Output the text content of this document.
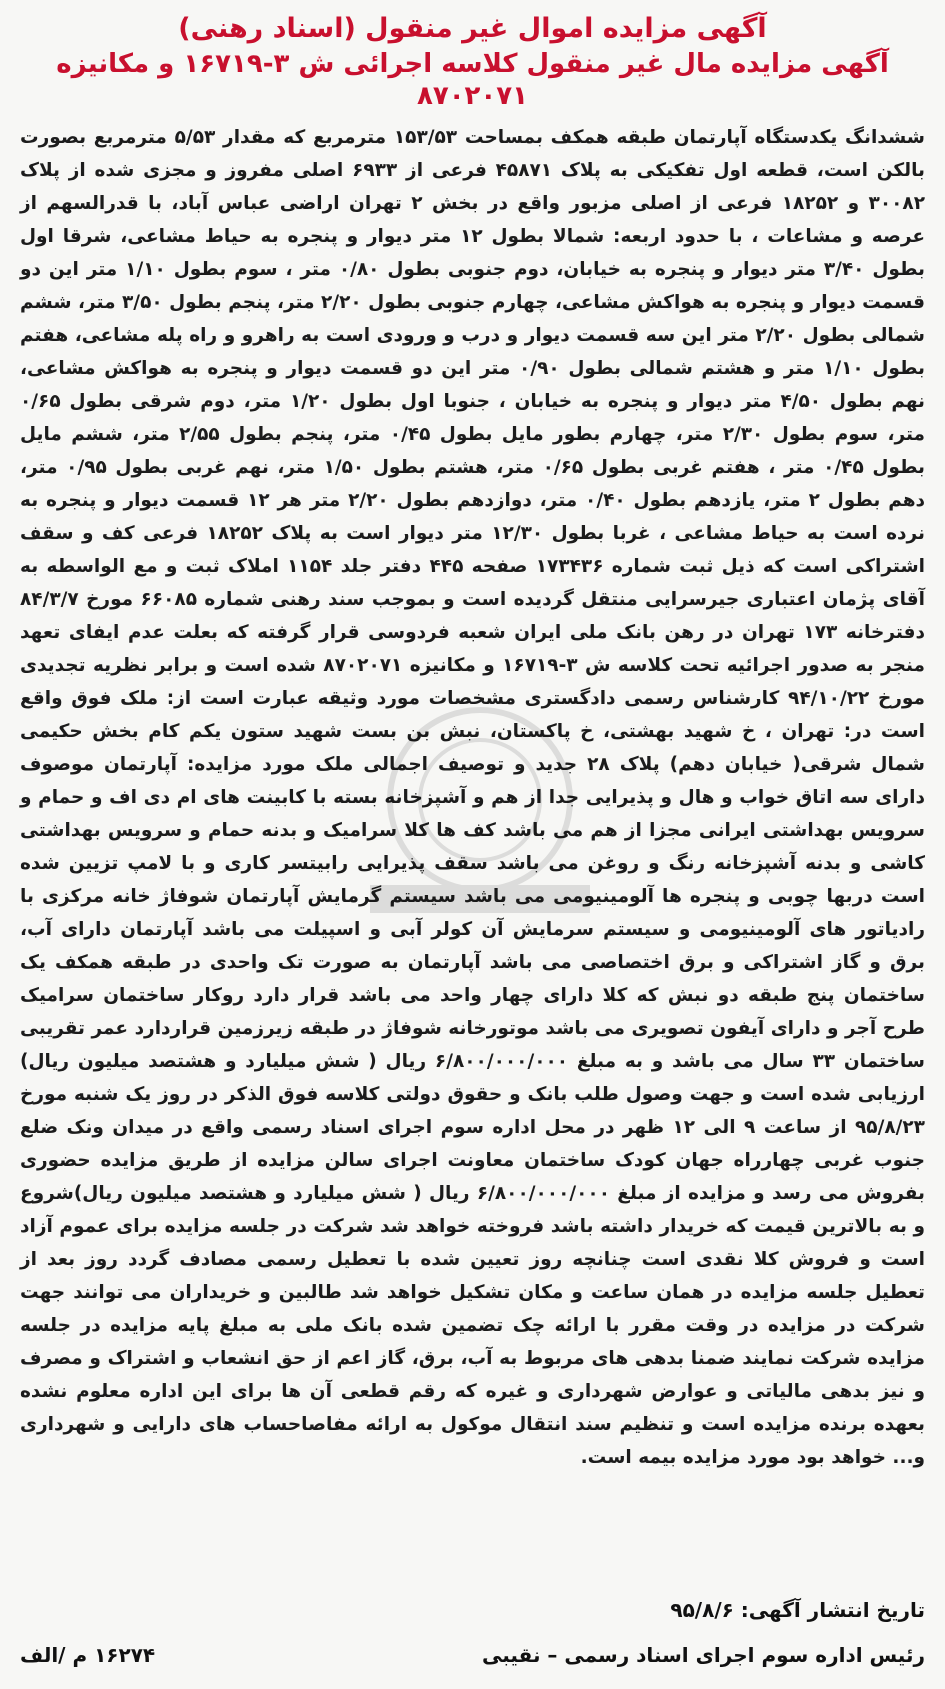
آگهی مزایده اموال غیر منقول (اسناد رهنی)
آگهی مزایده مال غیر منقول کلاسه اجرائی ش ۳-۱۶۷۱۹ و مکانیزه ۸۷۰۲۰۷۱

ششدانگ یکدستگاه آپارتمان طبقه همکف بمساحت ۱۵۳/۵۳ مترمربع که مقدار ۵/۵۳ مترمربع بصورت بالکن است، قطعه اول تفکیکی به پلاک ۴۵۸۷۱ فرعی از ۶۹۳۳ اصلی مفروز و مجزی شده از پلاک ۳۰۰۸۲ و ۱۸۲۵۲ فرعی از اصلی مزبور واقع در بخش ۲ تهران اراضی عباس آباد، با قدرالسهم از عرصه و مشاعات ، با حدود اربعه: شمالا بطول ۱۲ متر دیوار و پنجره به حیاط مشاعی، شرقا اول بطول ۳/۴۰ متر دیوار و پنجره به خیابان، دوم جنوبی بطول ۰/۸۰ متر ، سوم بطول ۱/۱۰ متر این دو قسمت دیوار و پنجره به هواکش مشاعی، چهارم جنوبی بطول ۲/۲۰ متر، پنجم بطول ۳/۵۰ متر، ششم شمالی بطول ۲/۲۰ متر این سه قسمت دیوار و درب و ورودی است به راهرو و راه پله مشاعی، هفتم بطول ۱/۱۰ متر و هشتم شمالی بطول ۰/۹۰ متر این دو قسمت دیوار و پنجره به هواکش مشاعی، نهم بطول ۴/۵۰ متر دیوار و پنجره به خیابان ، جنوبا اول بطول ۱/۲۰ متر، دوم شرقی بطول ۰/۶۵ متر، سوم بطول ۲/۳۰ متر، چهارم بطور مایل بطول ۰/۴۵ متر، پنجم بطول ۲/۵۵ متر، ششم مایل بطول ۰/۴۵ متر ، هفتم غربی بطول ۰/۶۵ متر، هشتم بطول ۱/۵۰ متر، نهم غربی بطول ۰/۹۵ متر، دهم بطول ۲ متر، یازدهم بطول ۰/۴۰ متر، دوازدهم بطول ۲/۲۰ متر هر ۱۲ قسمت دیوار و پنجره به نرده است به حیاط مشاعی ، غربا بطول ۱۲/۳۰ متر دیوار است به پلاک ۱۸۲۵۲ فرعی کف و سقف اشتراکی است که ذیل ثبت شماره ۱۷۳۴۳۶ صفحه ۴۴۵ دفتر جلد ۱۱۵۴ املاک ثبت و مع الواسطه به آقای پژمان اعتباری جیرسرایی منتقل گردیده است و بموجب سند رهنی شماره ۶۶۰۸۵ مورخ ۸۴/۳/۷ دفترخانه ۱۷۳ تهران در رهن بانک ملی ایران شعبه فردوسی قرار گرفته که بعلت عدم ایفای تعهد منجر به صدور اجرائیه تحت کلاسه ش ۳-۱۶۷۱۹ و مکانیزه ۸۷۰۲۰۷۱ شده است و برابر نظریه تجدیدی مورخ ۹۴/۱۰/۲۲ کارشناس رسمی دادگستری مشخصات مورد وثیقه عبارت است از: ملک فوق واقع است در: تهران ، خ شهید بهشتی، خ پاکستان، نبش بن بست شهید ستون یکم کام بخش حکیمی شمال شرقی( خیابان دهم) پلاک ۲۸ جدید و توصیف اجمالی ملک مورد مزایده: آپارتمان موصوف دارای سه اتاق خواب و هال و پذیرایی جدا از هم و آشپزخانه بسته با کابینت های ام دی اف و حمام و سرویس بهداشتی ایرانی مجزا از هم می باشد کف ها کلا سرامیک و بدنه حمام و سرویس بهداشتی کاشی و بدنه آشپزخانه رنگ و روغن می باشد سقف پذیرایی رابیتسر کاری و با لامپ تزیین شده است دربها چوبی و پنجره ها آلومینیومی می باشد سیستم گرمایش آپارتمان شوفاژ خانه مرکزی با رادیاتور های آلومینیومی و سیستم سرمایش آن کولر آبی و اسپیلت می باشد آپارتمان دارای آب، برق و گاز اشتراکی و برق اختصاصی می باشد آپارتمان به صورت تک واحدی در طبقه همکف یک ساختمان پنج طبقه دو نبش که کلا دارای چهار واحد می باشد قرار دارد روکار ساختمان سرامیک طرح آجر و دارای آیفون تصویری می باشد موتورخانه شوفاژ در طبقه زیرزمین قراردارد عمر تقریبی ساختمان ۳۳ سال می باشد و به مبلغ ۶/۸۰۰/۰۰۰/۰۰۰ ریال ( شش میلیارد و هشتصد میلیون ریال) ارزیابی شده است و جهت وصول طلب بانک و حقوق دولتی کلاسه فوق الذکر در روز یک شنبه مورخ ۹۵/۸/۲۳ از ساعت ۹ الی ۱۲ ظهر در محل اداره سوم اجرای اسناد رسمی واقع در میدان ونک ضلع جنوب غربی چهارراه جهان کودک ساختمان معاونت اجرای سالن مزایده از طریق مزایده حضوری بفروش می رسد و مزایده از مبلغ ۶/۸۰۰/۰۰۰/۰۰۰ ریال ( شش میلیارد و هشتصد میلیون ریال)شروع و به بالاترین قیمت که خریدار داشته باشد فروخته خواهد شد شرکت در جلسه مزایده برای عموم آزاد است و فروش کلا نقدی است چنانچه روز تعیین شده با تعطیل رسمی مصادف گردد روز بعد از تعطیل جلسه مزایده در همان ساعت و مکان تشکیل خواهد شد طالبین و خریداران می توانند جهت شرکت در مزایده در وقت مقرر با ارائه چک تضمین شده بانک ملی به مبلغ پایه مزایده در جلسه مزایده شرکت نمایند ضمنا بدهی های مربوط به آب، برق، گاز اعم از حق انشعاب و اشتراک و مصرف و نیز بدهی مالیاتی و عوارض شهرداری و غیره که رقم قطعی آن ها برای این اداره معلوم نشده بعهده برنده مزایده است و تنظیم سند انتقال موکول به ارائه مفاصاحساب های دارایی و شهرداری و... خواهد بود مورد مزایده بیمه است.

تاریخ انتشار آگهی: ۹۵/۸/۶
رئیس اداره سوم اجرای اسناد رسمی – نقیبی
۱۶۲۷۴ م /الف
